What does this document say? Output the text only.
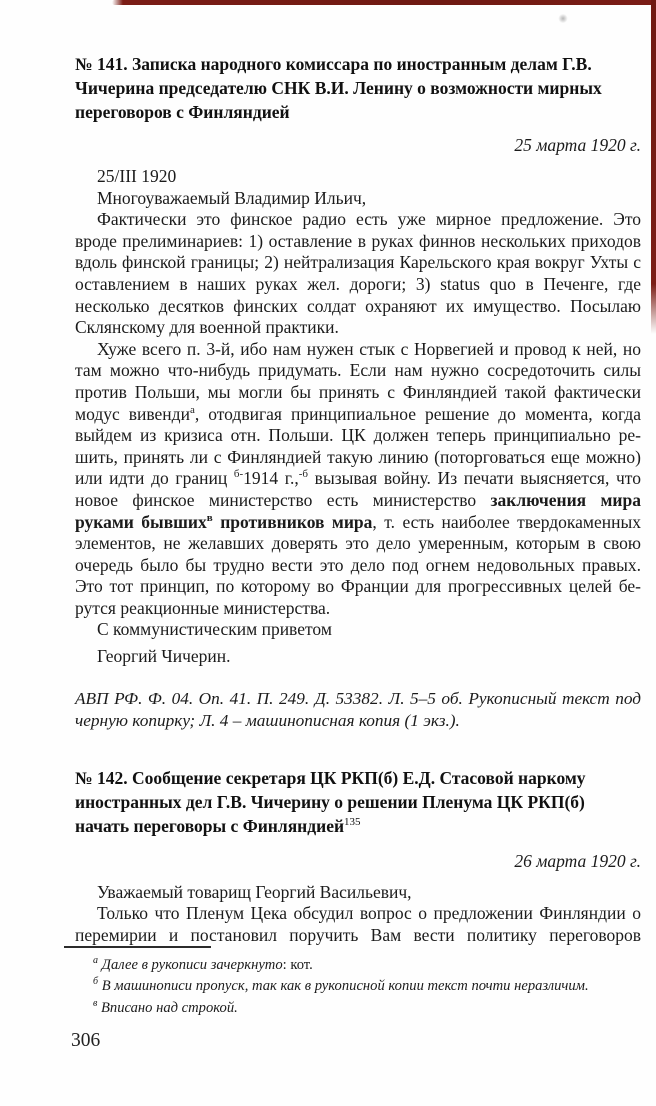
№ 141. Записка народного комиссара по иностранным делам Г.В. Чичерина председателю СНК В.И. Ленину о возможности мирных переговоров с Финляндией
25 марта 1920 г.

25/III 1920

Многоуважаемый Владимир Ильич,

Фактически это финское радио есть уже мирное предложение. Это вроде прелиминариев: 1) оставление в руках финнов нескольких приходов вдоль финской границы; 2) нейтрализация Карельского края вокруг Ухты с оставлением в наших руках жел. дороги; 3) status quo в Печенге, где несколько десятков финских солдат охраняют их имущество. Посылаю Склянскому для военной практики.

Хуже всего п. 3-й, ибо нам нужен стык с Норвегией и провод к ней, но там можно что-нибудь придумать. Если нам нужно сосредоточить силы против Польши, мы могли бы принять с Финляндией такой фактически модус вивенди$^а$, отодвигая принципиальное решение до момента, когда выйдем из кризиса отн. Польши. ЦК должен теперь принципиально решить, принять ли с Финляндией такую линию (поторговаться еще можно) или идти до границ $^{б-}$1914 г.,$^{-б}$ вызывая войну. Из печати выясняется, что новое финское министерство есть министерство заключения мира руками бывших$^в$ противников мира, т. есть наиболее твердокаменных элементов, не желавших доверять это дело умеренным, которым в свою очередь было бы трудно вести это дело под огнем недовольных правых. Это тот принцип, по которому во Франции для прогрессивных целей берутся реакционные министерства.

С коммунистическим приветом

Георгий Чичерин.

АВП РФ. Ф. 04. Оп. 41. П. 249. Д. 53382. Л. 5–5 об. Рукописный текст под черную копирку; Л. 4 – машинописная копия (1 экз.).
№ 142. Сообщение секретаря ЦК РКП(б) Е.Д. Стасовой наркому иностранных дел Г.В. Чичерину о решении Пленума ЦК РКП(б) начать переговоры с Финляндией$^{135}$
26 марта 1920 г.

Уважаемый товарищ Георгий Васильевич,

Только что Пленум Цека обсудил вопрос о предложении Финляндии о перемирии и постановил поручить Вам вести политику переговоров

$^а$ Далее в рукописи зачеркнуто: кот.
$^б$ В машинописи пропуск, так как в рукописной копии текст почти неразличим.
$^в$ Вписано над строкой.
306
